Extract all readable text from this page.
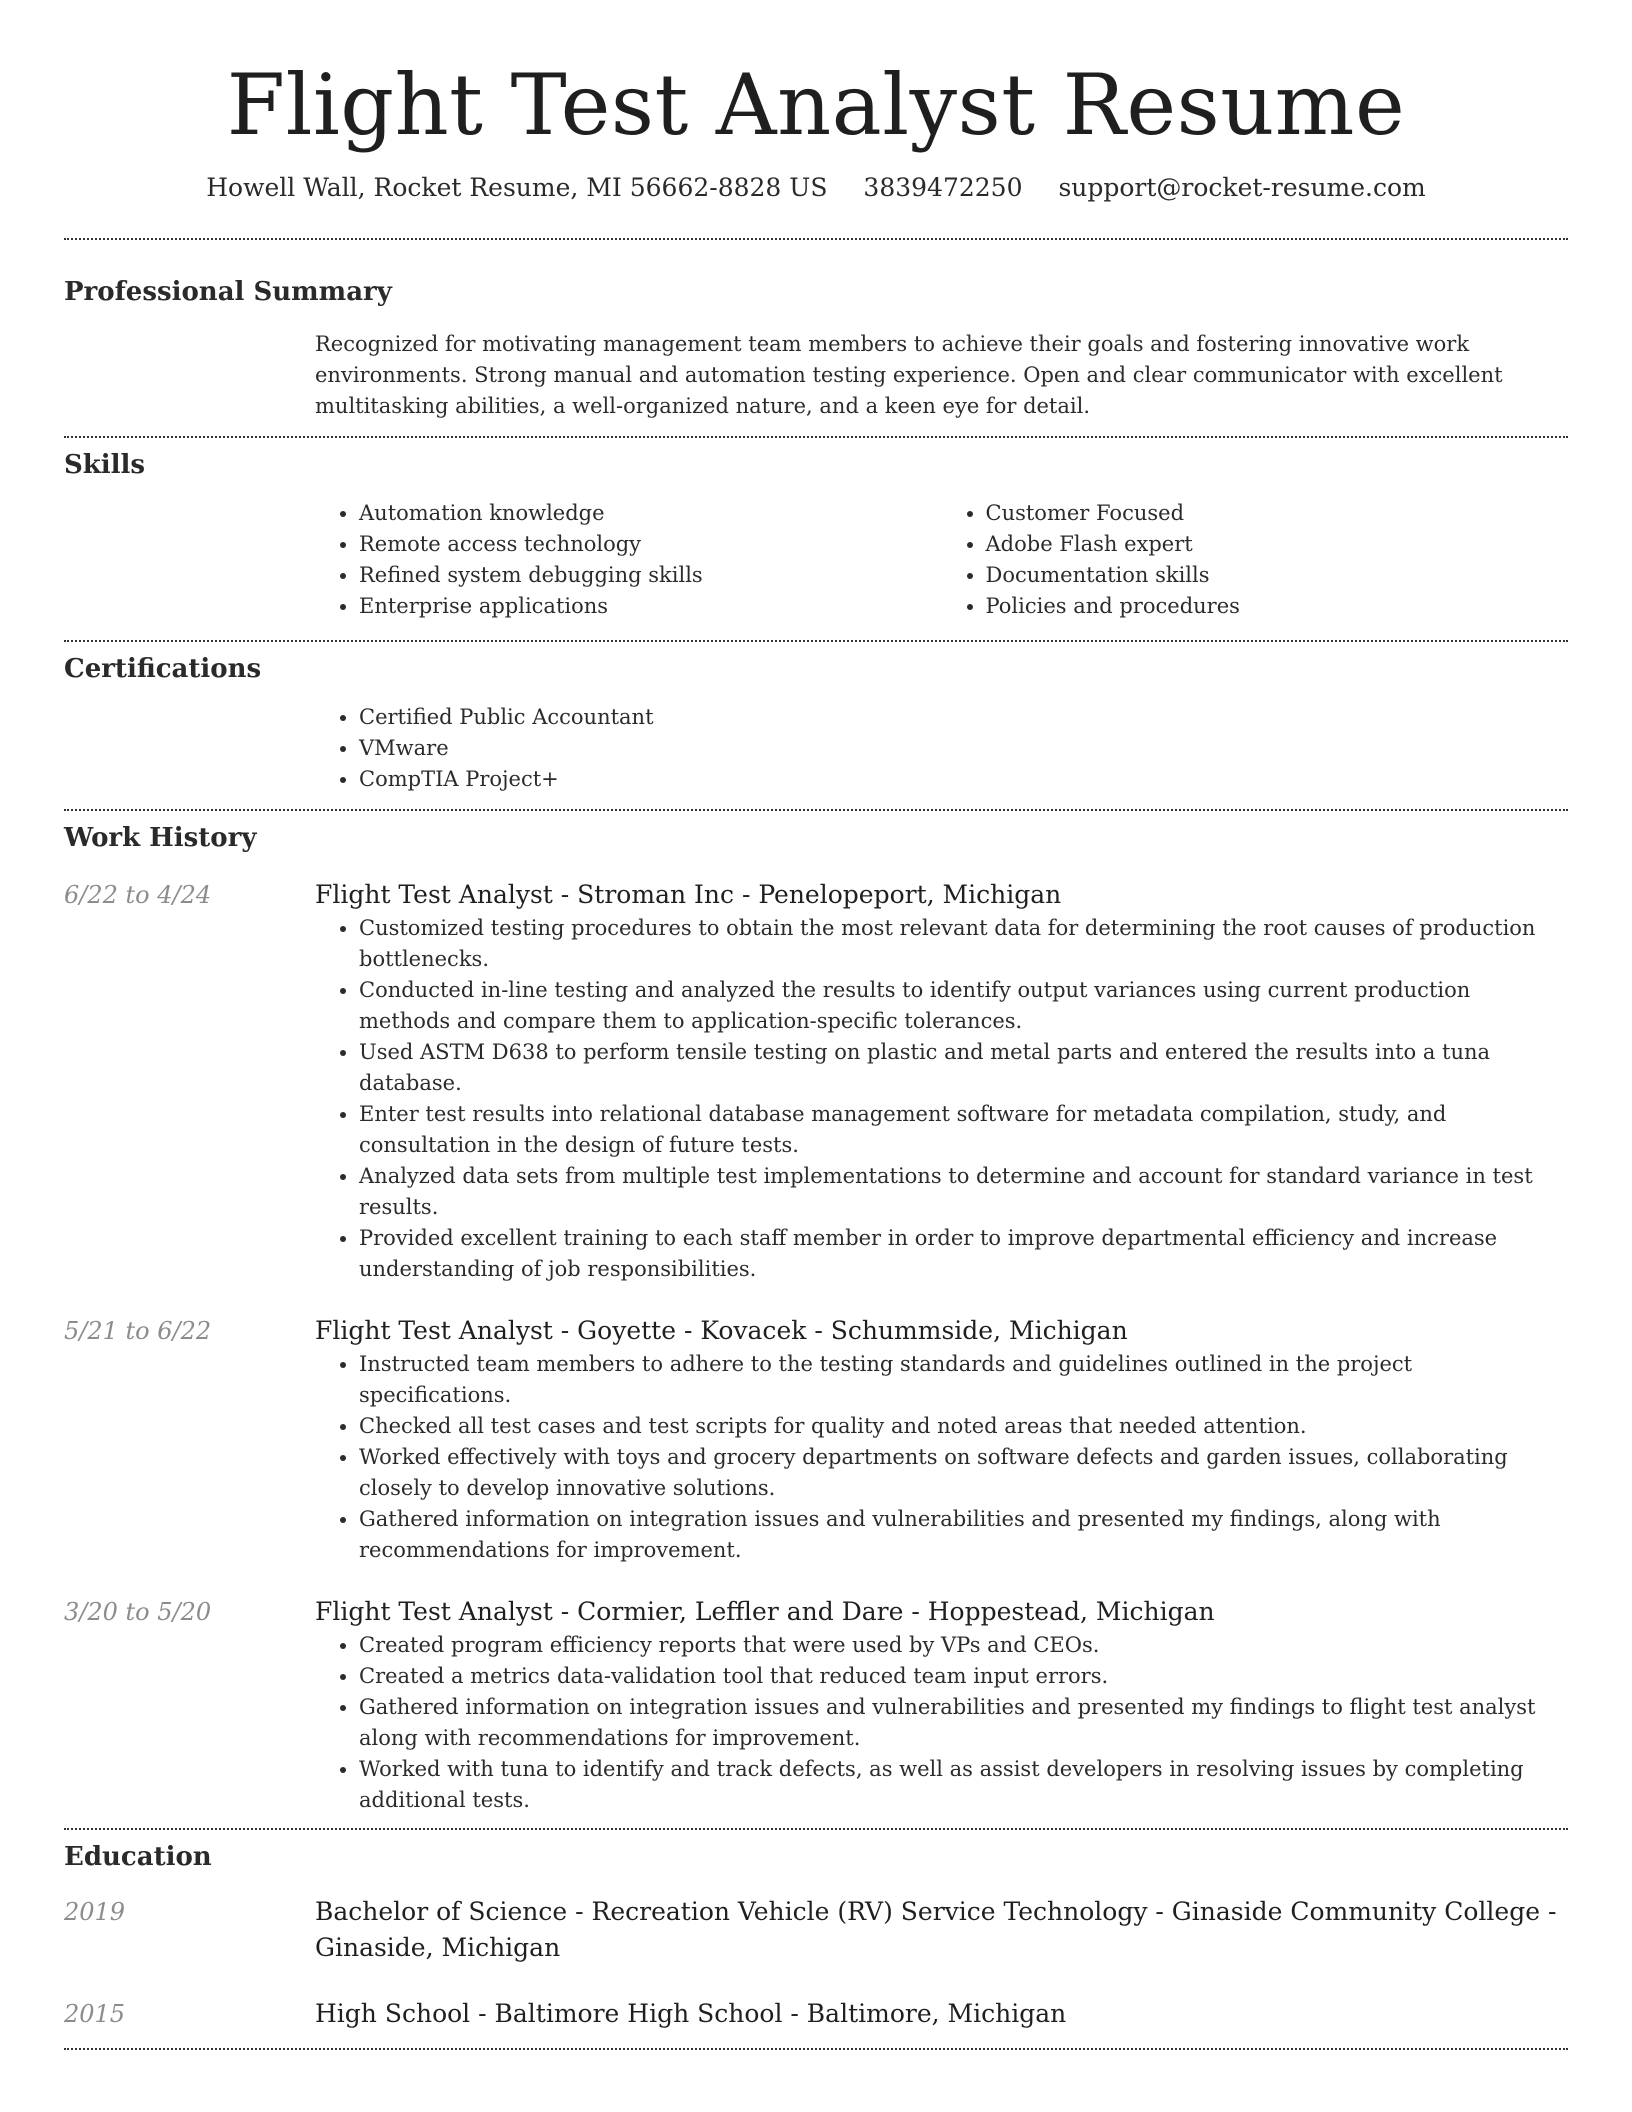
Flight Test Analyst Resume
Howell Wall, Rocket Resume, MI 56662-8828 US 3839472250 support@rocket-resume.com
Professional Summary

Recognized for motivating management team members to achieve their goals and fostering innovative work environments. Strong manual and automation testing experience. Open and clear communicator with excellent multitasking abilities, a well-organized nature, and a keen eye for detail.

Skills
• Automation knowledge
• Remote access technology
• Refined system debugging skills
• Enterprise applications
• Customer Focused
• Adobe Flash expert
• Documentation skills
• Policies and procedures
Certifications
• Certified Public Accountant
• VMware
• CompTIA Project+
Work History
6/22 to 4/24	Flight Test Analyst - Stroman Inc - Penelopeport, Michigan
• Customized testing procedures to obtain the most relevant data for determining the root causes of production bottlenecks.
• Conducted in-line testing and analyzed the results to identify output variances using current production methods and compare them to application-specific tolerances.
• Used ASTM D638 to perform tensile testing on plastic and metal parts and entered the results into a tuna database.
• Enter test results into relational database management software for metadata compilation, study, and consultation in the design of future tests.
• Analyzed data sets from multiple test implementations to determine and account for standard variance in test results.
• Provided excellent training to each staff member in order to improve departmental efficiency and increase understanding of job responsibilities.
5/21 to 6/22	Flight Test Analyst - Goyette - Kovacek - Schummside, Michigan
• Instructed team members to adhere to the testing standards and guidelines outlined in the project specifications.
• Checked all test cases and test scripts for quality and noted areas that needed attention.
• Worked effectively with toys and grocery departments on software defects and garden issues, collaborating closely to develop innovative solutions.
• Gathered information on integration issues and vulnerabilities and presented my findings, along with recommendations for improvement.
3/20 to 5/20	Flight Test Analyst - Cormier, Leffler and Dare - Hoppestead, Michigan
• Created program efficiency reports that were used by VPs and CEOs.
• Created a metrics data-validation tool that reduced team input errors.
• Gathered information on integration issues and vulnerabilities and presented my findings to flight test analyst along with recommendations for improvement.
• Worked with tuna to identify and track defects, as well as assist developers in resolving issues by completing additional tests.
Education
2019	Bachelor of Science - Recreation Vehicle (RV) Service Technology - Ginaside Community College - Ginaside, Michigan
2015	High School - Baltimore High School - Baltimore, Michigan
